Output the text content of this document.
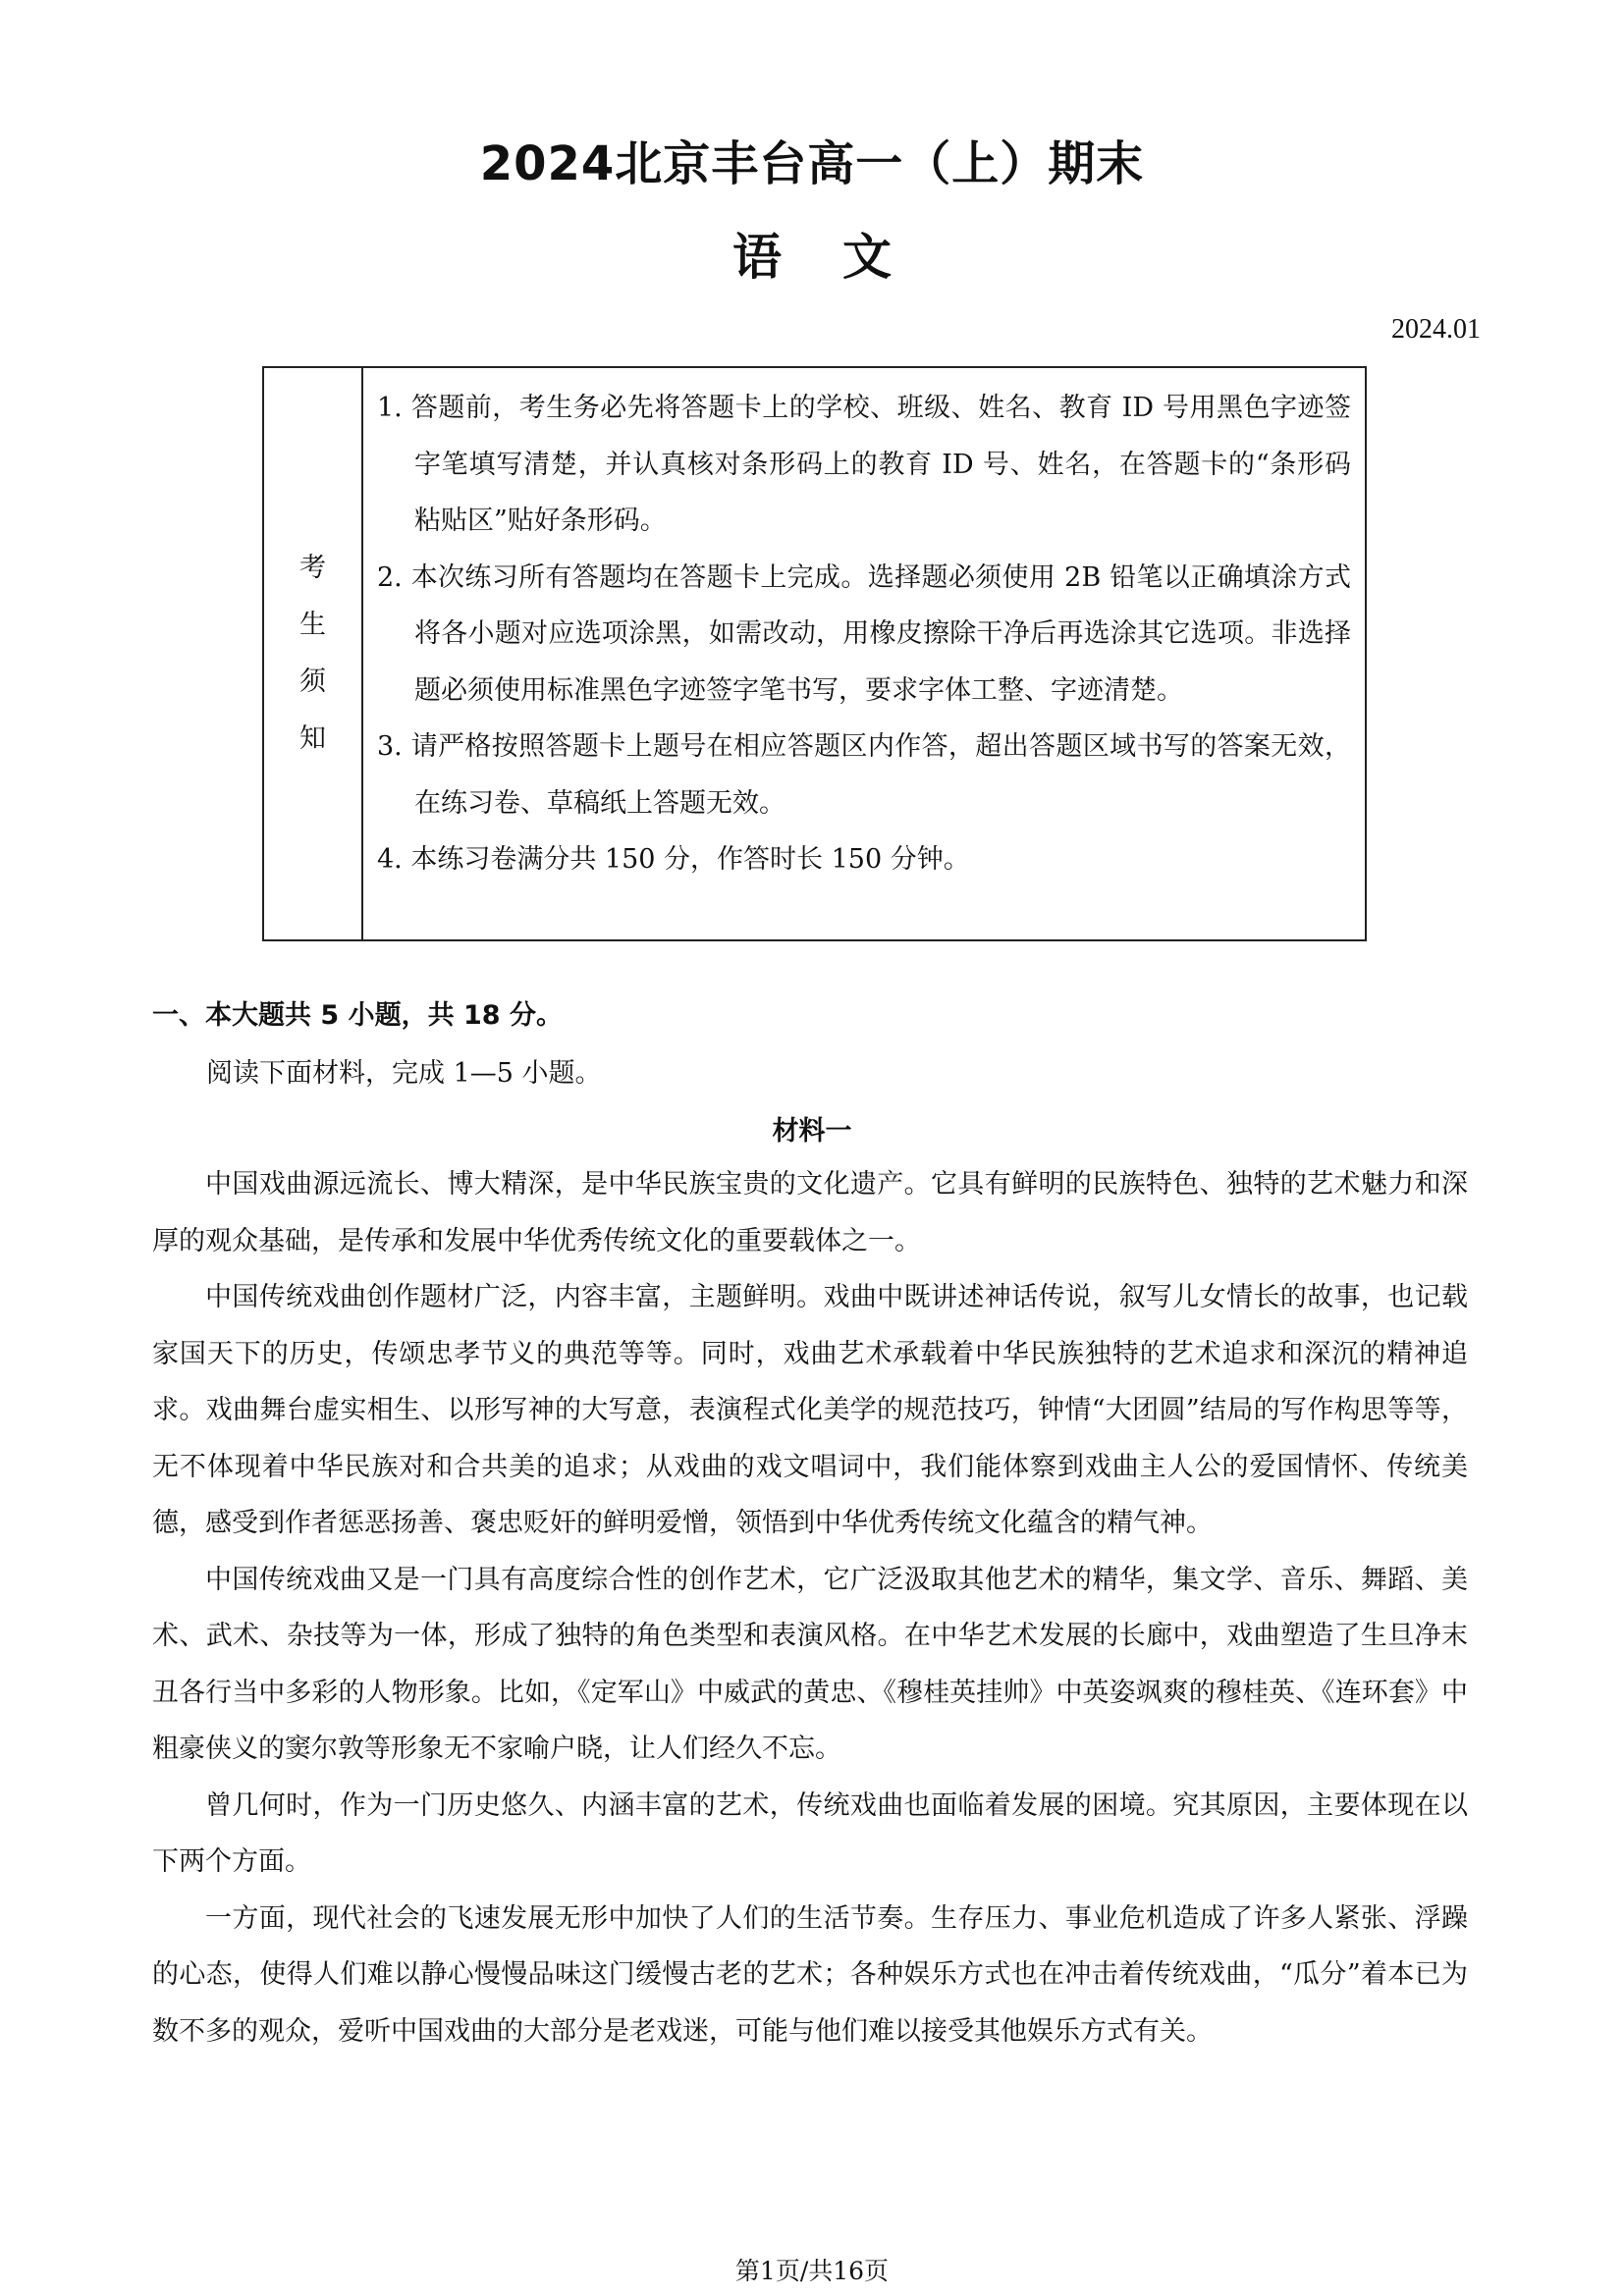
2024北京丰台高一（上）期末
语文
2024.01
考
生
须
知
1. 答题前，考生务必先将答题卡上的学校、班级、姓名、教育 ID 号用黑色字迹签字笔填写清楚，并认真核对条形码上的教育 ID 号、姓名，在答题卡的“条形码粘贴区”贴好条形码。
2. 本次练习所有答题均在答题卡上完成。选择题必须使用 2B 铅笔以正确填涂方式将各小题对应选项涂黑，如需改动，用橡皮擦除干净后再选涂其它选项。非选择题必须使用标准黑色字迹签字笔书写，要求字体工整、字迹清楚。
3. 请严格按照答题卡上题号在相应答题区内作答，超出答题区域书写的答案无效，在练习卷、草稿纸上答题无效。
4. 本练习卷满分共 150 分，作答时长 150 分钟。
一、本大题共 5 小题，共 18 分。
阅读下面材料，完成 1—5 小题。
材料一

中国戏曲源远流长、博大精深，是中华民族宝贵的文化遗产。它具有鲜明的民族特色、独特的艺术魅力和深厚的观众基础，是传承和发展中华优秀传统文化的重要载体之一。

中国传统戏曲创作题材广泛，内容丰富，主题鲜明。戏曲中既讲述神话传说，叙写儿女情长的故事，也记载家国天下的历史，传颂忠孝节义的典范等等。同时，戏曲艺术承载着中华民族独特的艺术追求和深沉的精神追求。戏曲舞台虚实相生、以形写神的大写意，表演程式化美学的规范技巧，钟情“大团圆”结局的写作构思等等，无不体现着中华民族对和合共美的追求；从戏曲的戏文唱词中，我们能体察到戏曲主人公的爱国情怀、传统美德，感受到作者惩恶扬善、褒忠贬奸的鲜明爱憎，领悟到中华优秀传统文化蕴含的精气神。

中国传统戏曲又是一门具有高度综合性的创作艺术，它广泛汲取其他艺术的精华，集文学、音乐、舞蹈、美术、武术、杂技等为一体，形成了独特的角色类型和表演风格。在中华艺术发展的长廊中，戏曲塑造了生旦净末丑各行当中多彩的人物形象。比如，《定军山》中威武的黄忠、《穆桂英挂帅》中英姿飒爽的穆桂英、《连环套》中粗豪侠义的窦尔敦等形象无不家喻户晓，让人们经久不忘。

曾几何时，作为一门历史悠久、内涵丰富的艺术，传统戏曲也面临着发展的困境。究其原因，主要体现在以下两个方面。

一方面，现代社会的飞速发展无形中加快了人们的生活节奏。生存压力、事业危机造成了许多人紧张、浮躁的心态，使得人们难以静心慢慢品味这门缓慢古老的艺术；各种娱乐方式也在冲击着传统戏曲，“瓜分”着本已为数不多的观众，爱听中国戏曲的大部分是老戏迷，可能与他们难以接受其他娱乐方式有关。

第1页/共16页
